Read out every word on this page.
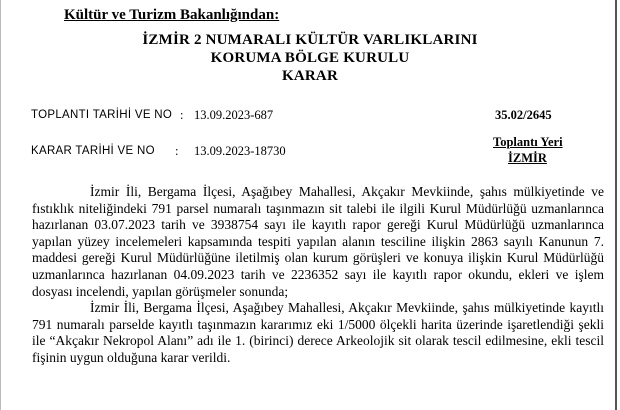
Kültür ve Turizm Bakanlığından:
İZMİR 2 NUMARALI KÜLTÜR VARLIKLARINI
KORUMA BÖLGE KURULU
KARAR
TOPLANTI TARİHİ VE NO : 13.09.2023-687	35.02/2645
KARAR TARİHİ VE NO : 13.09.2023-18730
Toplantı Yeri
İZMİR

İzmir İli, Bergama İlçesi, Aşağıbey Mahallesi, Akçakır Mevkiinde, şahıs mülkiyetinde ve fıstıklık niteliğindeki 791 parsel numaralı taşınmazın sit talebi ile ilgili Kurul Müdürlüğü uzmanlarınca hazırlanan 03.07.2023 tarih ve 3938754 sayı ile kayıtlı rapor gereği Kurul Müdürlüğü uzmanlarınca yapılan yüzey incelemeleri kapsamında tespiti yapılan alanın tesciline ilişkin 2863 sayılı Kanunun 7. maddesi gereği Kurul Müdürlüğüne iletilmiş olan kurum görüşleri ve konuya ilişkin Kurul Müdürlüğü uzmanlarınca hazırlanan 04.09.2023 tarih ve 2236352 sayı ile kayıtlı rapor okundu, ekleri ve işlem dosyası incelendi, yapılan görüşmeler sonunda;

İzmir İli, Bergama İlçesi, Aşağıbey Mahallesi, Akçakır Mevkiinde, şahıs mülkiyetinde kayıtlı 791 numaralı parselde kayıtlı taşınmazın kararımız eki 1/5000 ölçekli harita üzerinde işaretlendiği şekli ile “Akçakır Nekropol Alanı” adı ile 1. (birinci) derece Arkeolojik sit olarak tescil edilmesine, ekli tescil fişinin uygun olduğuna karar verildi.
